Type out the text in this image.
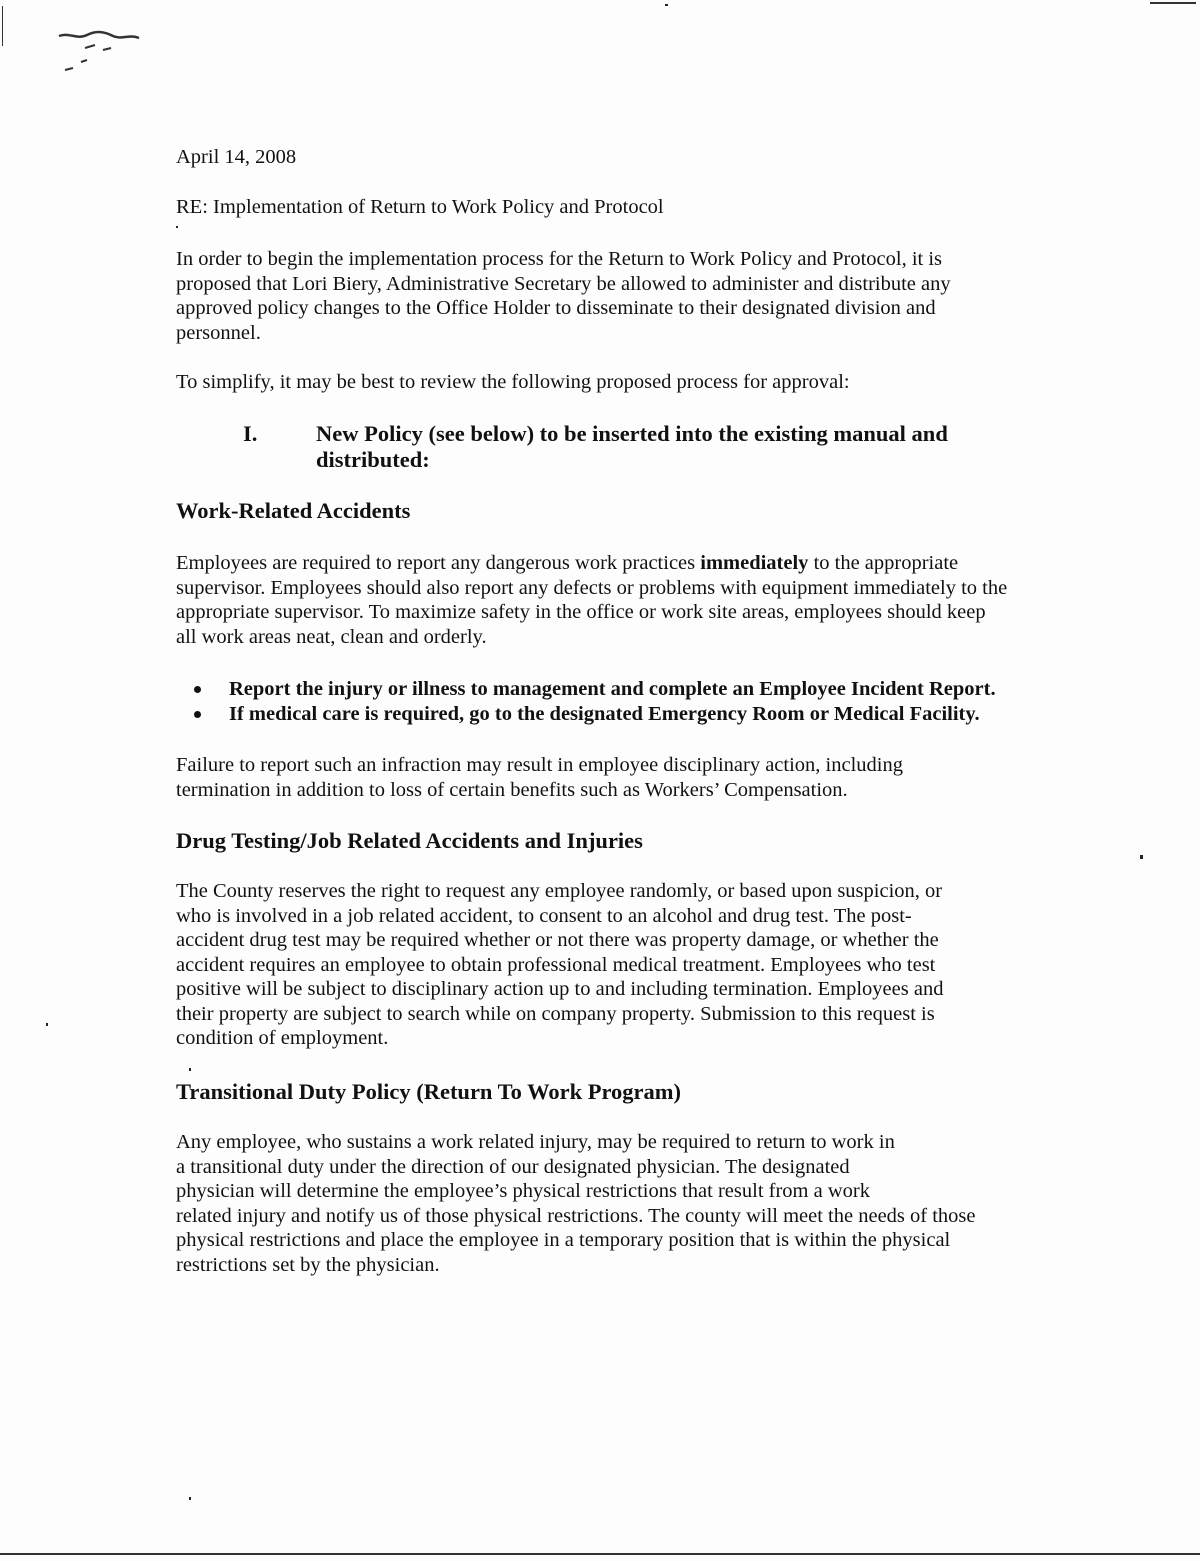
April 14, 2008
RE: Implementation of Return to Work Policy and Protocol
In order to begin the implementation process for the Return to Work Policy and Protocol, it is
proposed that Lori Biery, Administrative Secretary be allowed to administer and distribute any
approved policy changes to the Office Holder to disseminate to their designated division and
personnel.
To simplify, it may be best to review the following proposed process for approval:
I.	New Policy (see below) to be inserted into the existing manual and
distributed:
Work-Related Accidents
Employees are required to report any dangerous work practices immediately to the appropriate
supervisor. Employees should also report any defects or problems with equipment immediately to the
appropriate supervisor. To maximize safety in the office or work site areas, employees should keep
all work areas neat, clean and orderly.
Report the injury or illness to management and complete an Employee Incident Report.
If medical care is required, go to the designated Emergency Room or Medical Facility.
Failure to report such an infraction may result in employee disciplinary action, including
termination in addition to loss of certain benefits such as Workers’ Compensation.
Drug Testing/Job Related Accidents and Injuries
The County reserves the right to request any employee randomly, or based upon suspicion, or
who is involved in a job related accident, to consent to an alcohol and drug test. The post-
accident drug test may be required whether or not there was property damage, or whether the
accident requires an employee to obtain professional medical treatment. Employees who test
positive will be subject to disciplinary action up to and including termination. Employees and
their property are subject to search while on company property. Submission to this request is
condition of employment.
Transitional Duty Policy (Return To Work Program)
Any employee, who sustains a work related injury, may be required to return to work in
a transitional duty under the direction of our designated physician. The designated
physician will determine the employee’s physical restrictions that result from a work
related injury and notify us of those physical restrictions. The county will meet the needs of those
physical restrictions and place the employee in a temporary position that is within the physical
restrictions set by the physician.
